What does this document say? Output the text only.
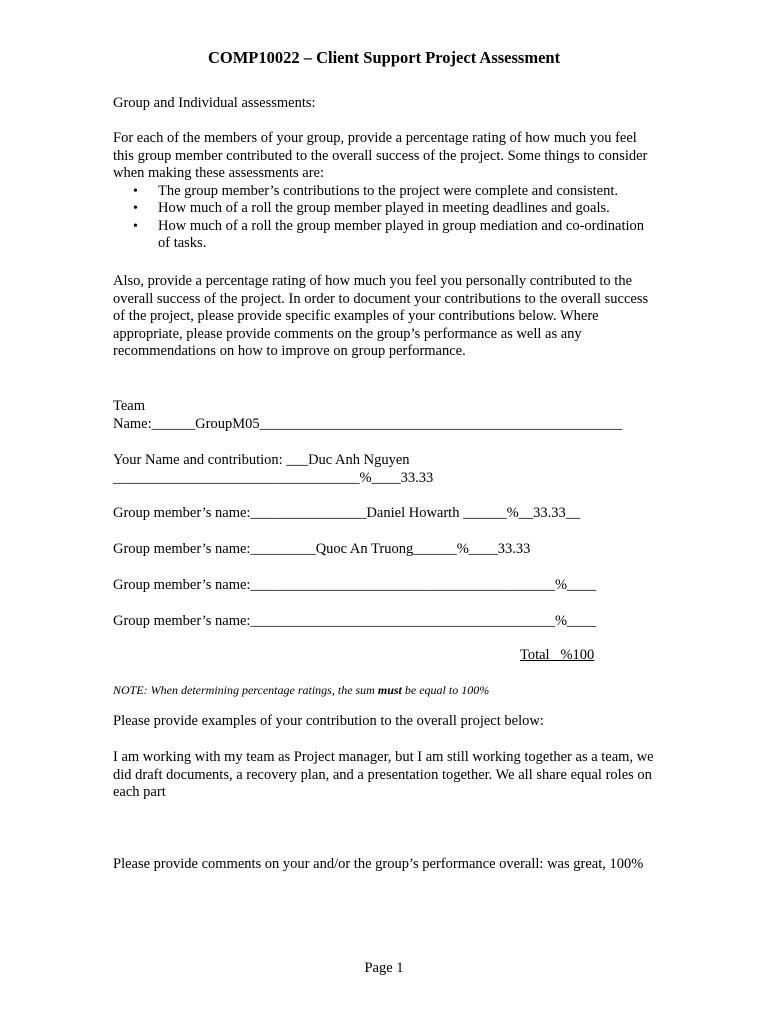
COMP10022 – Client Support Project Assessment

Group and Individual assessments:

For each of the members of your group, provide a percentage rating of how much you feel this group member contributed to the overall success of the project. Some things to consider when making these assessments are:

• The group member’s contributions to the project were complete and consistent.
• How much of a roll the group member played in meeting deadlines and goals.
• How much of a roll the group member played in group mediation and co-ordination of tasks.

Also, provide a percentage rating of how much you feel you personally contributed to the overall success of the project. In order to document your contributions to the overall success of the project, please provide specific examples of your contributions below. Where appropriate, please provide comments on the group’s performance as well as any recommendations on how to improve on group performance.

Team

Name:______GroupM05__________________________________________________

Your Name and contribution: ___Duc Anh Nguyen

__________________________________%____33.33

Group member’s name:________________Daniel Howarth ______%__33.33__

Group member’s name:_________Quoc An Truong______%____33.33

Group member’s name:__________________________________________%____

Group member’s name:__________________________________________%____

Total   %100

NOTE: When determining percentage ratings, the sum must be equal to 100%

Please provide examples of your contribution to the overall project below:

I am working with my team as Project manager, but I am still working together as a team, we did draft documents, a recovery plan, and a presentation together. We all share equal roles on each part

Please provide comments on your and/or the group’s performance overall: was great, 100%

Page 1
